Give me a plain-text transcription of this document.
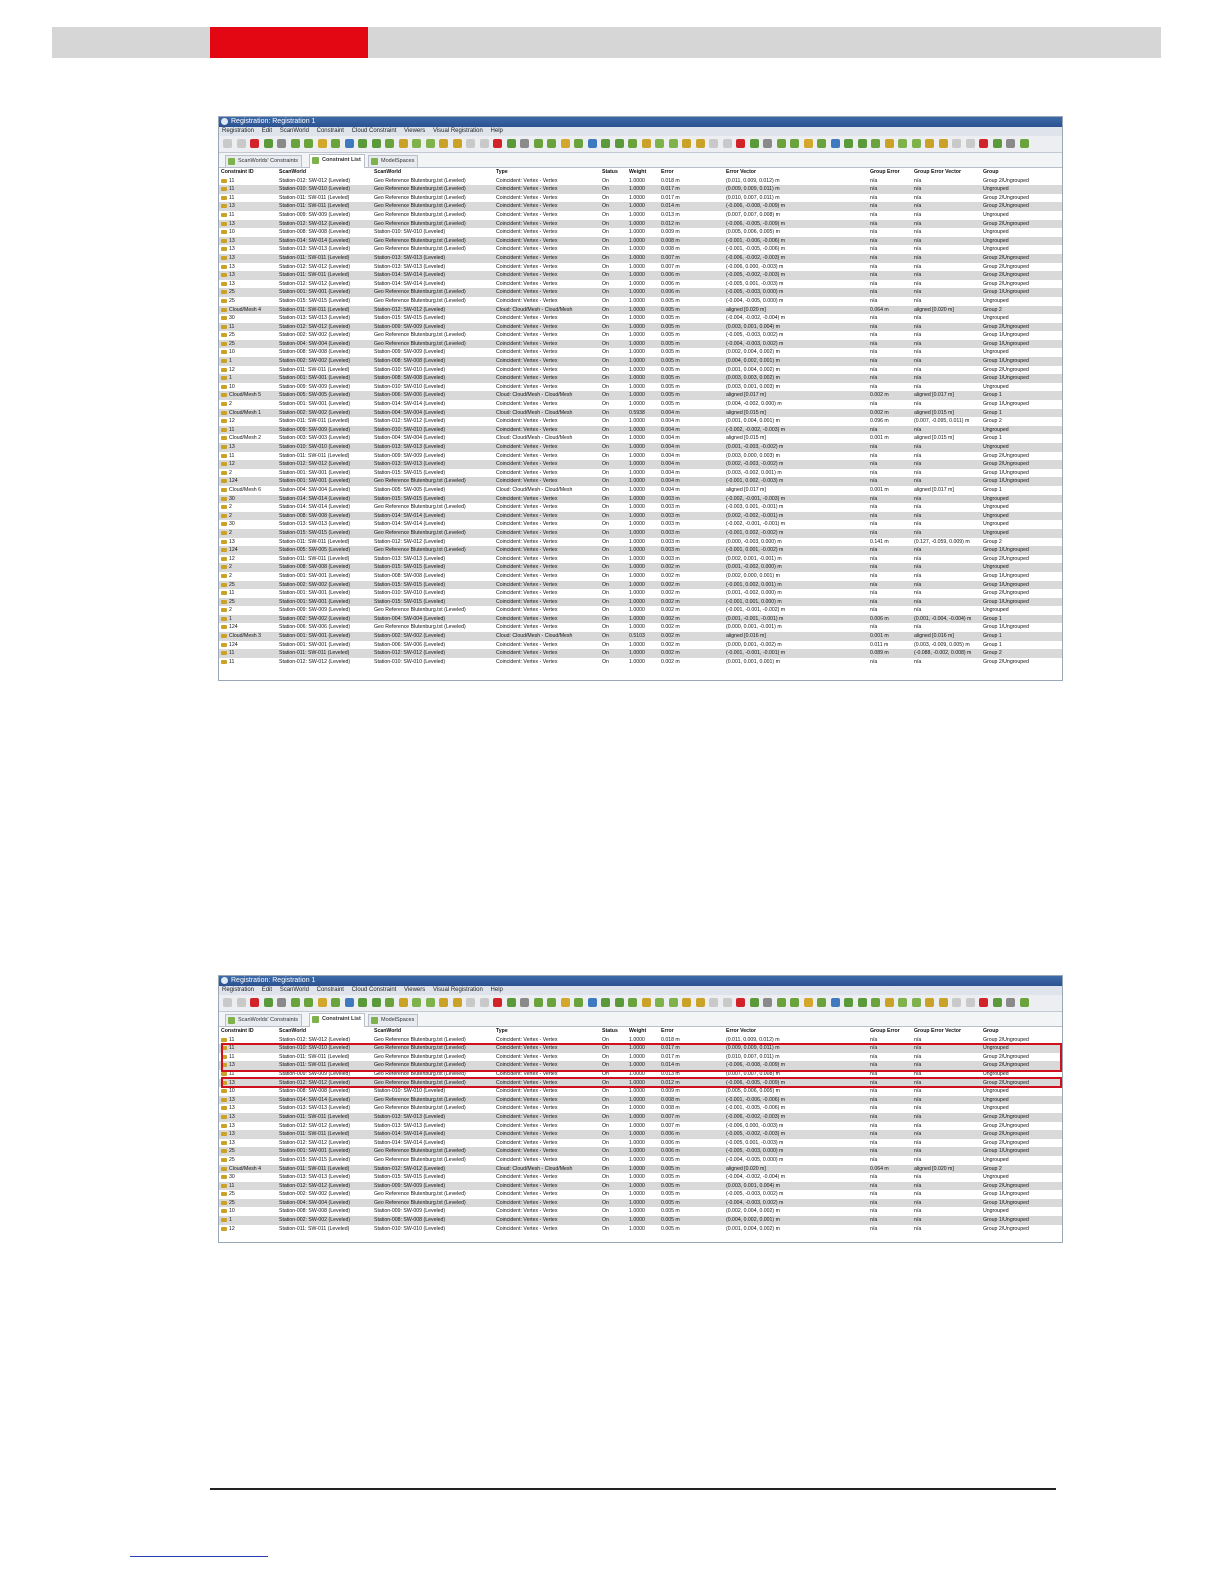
Registration: Registration 1
Registration Edit ScanWorld Constraint Cloud Constraint Viewers Visual Registration Help
ScanWorlds' Constraints	Constraint List	ModelSpaces
Constraint ID	ScanWorld	ScanWorld	Type	Status	Weight	Error	Error Vector	Group Error	Group Error Vector	Group

11	Station-012: SW-012 (Leveled)	Geo Reference Blutenburg.txt (Leveled)	Coincident: Vertex - Vertex	On	1.0000	0.018 m	(0.011, 0.009, 0.012) m	n/a	n/a	Group 2/Ungrouped

11	Station-010: SW-010 (Leveled)	Geo Reference Blutenburg.txt (Leveled)	Coincident: Vertex - Vertex	On	1.0000	0.017 m	(0.009, 0.009, 0.011) m	n/a	n/a	Ungrouped

11	Station-011: SW-011 (Leveled)	Geo Reference Blutenburg.txt (Leveled)	Coincident: Vertex - Vertex	On	1.0000	0.017 m	(0.010, 0.007, 0.011) m	n/a	n/a	Group 2/Ungrouped

13	Station-011: SW-011 (Leveled)	Geo Reference Blutenburg.txt (Leveled)	Coincident: Vertex - Vertex	On	1.0000	0.014 m	(-0.006, -0.008, -0.009) m	n/a	n/a	Group 2/Ungrouped

11	Station-009: SW-009 (Leveled)	Geo Reference Blutenburg.txt (Leveled)	Coincident: Vertex - Vertex	On	1.0000	0.013 m	(0.007, 0.007, 0.008) m	n/a	n/a	Ungrouped

13	Station-012: SW-012 (Leveled)	Geo Reference Blutenburg.txt (Leveled)	Coincident: Vertex - Vertex	On	1.0000	0.012 m	(-0.006, -0.005, -0.009) m	n/a	n/a	Group 2/Ungrouped

10	Station-008: SW-008 (Leveled)	Station-010: SW-010 (Leveled)	Coincident: Vertex - Vertex	On	1.0000	0.009 m	(0.005, 0.006, 0.005) m	n/a	n/a	Ungrouped

13	Station-014: SW-014 (Leveled)	Geo Reference Blutenburg.txt (Leveled)	Coincident: Vertex - Vertex	On	1.0000	0.008 m	(-0.001, -0.006, -0.006) m	n/a	n/a	Ungrouped

13	Station-013: SW-013 (Leveled)	Geo Reference Blutenburg.txt (Leveled)	Coincident: Vertex - Vertex	On	1.0000	0.008 m	(-0.001, -0.005, -0.006) m	n/a	n/a	Ungrouped

13	Station-011: SW-011 (Leveled)	Station-013: SW-013 (Leveled)	Coincident: Vertex - Vertex	On	1.0000	0.007 m	(-0.006, -0.002, -0.003) m	n/a	n/a	Group 2/Ungrouped

13	Station-012: SW-012 (Leveled)	Station-013: SW-013 (Leveled)	Coincident: Vertex - Vertex	On	1.0000	0.007 m	(-0.006, 0.000, -0.003) m	n/a	n/a	Group 2/Ungrouped

13	Station-011: SW-011 (Leveled)	Station-014: SW-014 (Leveled)	Coincident: Vertex - Vertex	On	1.0000	0.006 m	(-0.005, -0.002, -0.003) m	n/a	n/a	Group 2/Ungrouped

13	Station-012: SW-012 (Leveled)	Station-014: SW-014 (Leveled)	Coincident: Vertex - Vertex	On	1.0000	0.006 m	(-0.005, 0.001, -0.003) m	n/a	n/a	Group 2/Ungrouped

25	Station-001: SW-001 (Leveled)	Geo Reference Blutenburg.txt (Leveled)	Coincident: Vertex - Vertex	On	1.0000	0.006 m	(-0.005, -0.003, 0.000) m	n/a	n/a	Group 1/Ungrouped

25	Station-015: SW-015 (Leveled)	Geo Reference Blutenburg.txt (Leveled)	Coincident: Vertex - Vertex	On	1.0000	0.005 m	(-0.004, -0.005, 0.000) m	n/a	n/a	Ungrouped

Cloud/Mesh 4	Station-011: SW-011 (Leveled)	Station-012: SW-012 (Leveled)	Cloud: Cloud/Mesh - Cloud/Mesh	On	1.0000	0.005 m	aligned [0.020 m]	0.064 m	aligned [0.020 m]	Group 2

30	Station-013: SW-013 (Leveled)	Station-015: SW-015 (Leveled)	Coincident: Vertex - Vertex	On	1.0000	0.005 m	(-0.004, -0.002, -0.004) m	n/a	n/a	Ungrouped

11	Station-012: SW-012 (Leveled)	Station-009: SW-009 (Leveled)	Coincident: Vertex - Vertex	On	1.0000	0.005 m	(0.003, 0.001, 0.004) m	n/a	n/a	Group 2/Ungrouped

25	Station-002: SW-002 (Leveled)	Geo Reference Blutenburg.txt (Leveled)	Coincident: Vertex - Vertex	On	1.0000	0.005 m	(-0.005, -0.003, 0.002) m	n/a	n/a	Group 1/Ungrouped

25	Station-004: SW-004 (Leveled)	Geo Reference Blutenburg.txt (Leveled)	Coincident: Vertex - Vertex	On	1.0000	0.005 m	(-0.004, -0.003, 0.002) m	n/a	n/a	Group 1/Ungrouped

10	Station-008: SW-008 (Leveled)	Station-009: SW-009 (Leveled)	Coincident: Vertex - Vertex	On	1.0000	0.005 m	(0.002, 0.004, 0.002) m	n/a	n/a	Ungrouped

1	Station-002: SW-002 (Leveled)	Station-008: SW-008 (Leveled)	Coincident: Vertex - Vertex	On	1.0000	0.005 m	(0.004, 0.002, 0.001) m	n/a	n/a	Group 1/Ungrouped

12	Station-011: SW-011 (Leveled)	Station-010: SW-010 (Leveled)	Coincident: Vertex - Vertex	On	1.0000	0.005 m	(0.001, 0.004, 0.002) m	n/a	n/a	Group 2/Ungrouped

1	Station-001: SW-001 (Leveled)	Station-008: SW-008 (Leveled)	Coincident: Vertex - Vertex	On	1.0000	0.005 m	(0.003, 0.003, 0.002) m	n/a	n/a	Group 1/Ungrouped

10	Station-009: SW-009 (Leveled)	Station-010: SW-010 (Leveled)	Coincident: Vertex - Vertex	On	1.0000	0.005 m	(0.003, 0.001, 0.003) m	n/a	n/a	Ungrouped

Cloud/Mesh 5	Station-005: SW-005 (Leveled)	Station-006: SW-006 (Leveled)	Cloud: Cloud/Mesh - Cloud/Mesh	On	1.0000	0.005 m	aligned [0.017 m]	0.002 m	aligned [0.017 m]	Group 1

2	Station-001: SW-001 (Leveled)	Station-014: SW-014 (Leveled)	Coincident: Vertex - Vertex	On	1.0000	0.005 m	(0.004, -0.002, 0.000) m	n/a	n/a	Group 1/Ungrouped

Cloud/Mesh 1	Station-002: SW-002 (Leveled)	Station-004: SW-004 (Leveled)	Cloud: Cloud/Mesh - Cloud/Mesh	On	0.5938	0.004 m	aligned [0.015 m]	0.002 m	aligned [0.015 m]	Group 1

12	Station-011: SW-011 (Leveled)	Station-012: SW-012 (Leveled)	Coincident: Vertex - Vertex	On	1.0000	0.004 m	(0.001, 0.004, 0.001) m	0.096 m	(0.007, -0.095, 0.011) m	Group 2

11	Station-009: SW-009 (Leveled)	Station-010: SW-010 (Leveled)	Coincident: Vertex - Vertex	On	1.0000	0.004 m	(-0.002, -0.002, -0.003) m	n/a	n/a	Ungrouped

Cloud/Mesh 2	Station-003: SW-003 (Leveled)	Station-004: SW-004 (Leveled)	Cloud: Cloud/Mesh - Cloud/Mesh	On	1.0000	0.004 m	aligned [0.015 m]	0.001 m	aligned [0.015 m]	Group 1

13	Station-010: SW-010 (Leveled)	Station-013: SW-013 (Leveled)	Coincident: Vertex - Vertex	On	1.0000	0.004 m	(0.001, -0.003, -0.002) m	n/a	n/a	Ungrouped

11	Station-011: SW-011 (Leveled)	Station-009: SW-009 (Leveled)	Coincident: Vertex - Vertex	On	1.0000	0.004 m	(0.003, 0.000, 0.003) m	n/a	n/a	Group 2/Ungrouped

12	Station-012: SW-012 (Leveled)	Station-013: SW-013 (Leveled)	Coincident: Vertex - Vertex	On	1.0000	0.004 m	(0.002, -0.003, -0.002) m	n/a	n/a	Group 2/Ungrouped

2	Station-001: SW-001 (Leveled)	Station-015: SW-015 (Leveled)	Coincident: Vertex - Vertex	On	1.0000	0.004 m	(0.003, -0.002, 0.001) m	n/a	n/a	Group 1/Ungrouped

124	Station-001: SW-001 (Leveled)	Geo Reference Blutenburg.txt (Leveled)	Coincident: Vertex - Vertex	On	1.0000	0.004 m	(-0.001, 0.002, -0.003) m	n/a	n/a	Group 1/Ungrouped

Cloud/Mesh 6	Station-004: SW-004 (Leveled)	Station-005: SW-005 (Leveled)	Cloud: Cloud/Mesh - Cloud/Mesh	On	1.0000	0.004 m	aligned [0.017 m]	0.001 m	aligned [0.017 m]	Group 1

30	Station-014: SW-014 (Leveled)	Station-015: SW-015 (Leveled)	Coincident: Vertex - Vertex	On	1.0000	0.003 m	(-0.002, -0.001, -0.003) m	n/a	n/a	Ungrouped

2	Station-014: SW-014 (Leveled)	Geo Reference Blutenburg.txt (Leveled)	Coincident: Vertex - Vertex	On	1.0000	0.003 m	(-0.003, 0.001, -0.001) m	n/a	n/a	Ungrouped

2	Station-008: SW-008 (Leveled)	Station-014: SW-014 (Leveled)	Coincident: Vertex - Vertex	On	1.0000	0.003 m	(0.002, -0.002, -0.001) m	n/a	n/a	Ungrouped

30	Station-013: SW-013 (Leveled)	Station-014: SW-014 (Leveled)	Coincident: Vertex - Vertex	On	1.0000	0.003 m	(-0.002, -0.001, -0.001) m	n/a	n/a	Ungrouped

2	Station-015: SW-015 (Leveled)	Geo Reference Blutenburg.txt (Leveled)	Coincident: Vertex - Vertex	On	1.0000	0.003 m	(-0.001, 0.002, -0.002) m	n/a	n/a	Ungrouped

13	Station-011: SW-011 (Leveled)	Station-012: SW-012 (Leveled)	Coincident: Vertex - Vertex	On	1.0000	0.003 m	(0.000, -0.003, 0.000) m	0.141 m	(0.127, -0.059, 0.009) m	Group 2

124	Station-005: SW-005 (Leveled)	Geo Reference Blutenburg.txt (Leveled)	Coincident: Vertex - Vertex	On	1.0000	0.003 m	(-0.001, 0.001, -0.002) m	n/a	n/a	Group 1/Ungrouped

12	Station-011: SW-011 (Leveled)	Station-013: SW-013 (Leveled)	Coincident: Vertex - Vertex	On	1.0000	0.003 m	(0.002, 0.001, -0.001) m	n/a	n/a	Group 2/Ungrouped

2	Station-008: SW-008 (Leveled)	Station-015: SW-015 (Leveled)	Coincident: Vertex - Vertex	On	1.0000	0.002 m	(0.001, -0.002, 0.000) m	n/a	n/a	Ungrouped

2	Station-001: SW-001 (Leveled)	Station-008: SW-008 (Leveled)	Coincident: Vertex - Vertex	On	1.0000	0.002 m	(0.002, 0.000, 0.001) m	n/a	n/a	Group 1/Ungrouped

25	Station-002: SW-002 (Leveled)	Station-015: SW-015 (Leveled)	Coincident: Vertex - Vertex	On	1.0000	0.002 m	(-0.001, 0.002, 0.001) m	n/a	n/a	Group 1/Ungrouped

11	Station-001: SW-001 (Leveled)	Station-010: SW-010 (Leveled)	Coincident: Vertex - Vertex	On	1.0000	0.002 m	(0.001, -0.002, 0.000) m	n/a	n/a	Group 2/Ungrouped

25	Station-001: SW-001 (Leveled)	Station-015: SW-015 (Leveled)	Coincident: Vertex - Vertex	On	1.0000	0.002 m	(-0.001, 0.001, 0.000) m	n/a	n/a	Group 1/Ungrouped

2	Station-009: SW-009 (Leveled)	Geo Reference Blutenburg.txt (Leveled)	Coincident: Vertex - Vertex	On	1.0000	0.002 m	(-0.001, -0.001, -0.002) m	n/a	n/a	Ungrouped

1	Station-002: SW-002 (Leveled)	Station-004: SW-004 (Leveled)	Coincident: Vertex - Vertex	On	1.0000	0.002 m	(0.001, -0.001, -0.001) m	0.006 m	(0.001, -0.004, -0.004) m	Group 1

124	Station-006: SW-006 (Leveled)	Geo Reference Blutenburg.txt (Leveled)	Coincident: Vertex - Vertex	On	1.0000	0.002 m	(0.000, 0.001, -0.001) m	n/a	n/a	Group 1/Ungrouped

Cloud/Mesh 3	Station-001: SW-001 (Leveled)	Station-002: SW-002 (Leveled)	Cloud: Cloud/Mesh - Cloud/Mesh	On	0.5103	0.002 m	aligned [0.016 m]	0.001 m	aligned [0.016 m]	Group 1

124	Station-001: SW-001 (Leveled)	Station-006: SW-006 (Leveled)	Coincident: Vertex - Vertex	On	1.0000	0.002 m	(0.000, 0.001, -0.002) m	0.011 m	(0.003, -0.009, 0.005) m	Group 1

11	Station-011: SW-011 (Leveled)	Station-012: SW-012 (Leveled)	Coincident: Vertex - Vertex	On	1.0000	0.002 m	(-0.001, -0.001, -0.001) m	0.089 m	(-0.088, -0.002, 0.008) m	Group 2

11	Station-012: SW-012 (Leveled)	Station-010: SW-010 (Leveled)	Coincident: Vertex - Vertex	On	1.0000	0.002 m	(0.001, 0.001, 0.001) m	n/a	n/a	Group 2/Ungrouped
Registration: Registration 1
Registration Edit ScanWorld Constraint Cloud Constraint Viewers Visual Registration Help
ScanWorlds' Constraints	Constraint List	ModelSpaces
Constraint ID	ScanWorld	ScanWorld	Type	Status	Weight	Error	Error Vector	Group Error	Group Error Vector	Group

11	Station-012: SW-012 (Leveled)	Geo Reference Blutenburg.txt (Leveled)	Coincident: Vertex - Vertex	On	1.0000	0.018 m	(0.011, 0.009, 0.012) m	n/a	n/a	Group 2/Ungrouped

11	Station-010: SW-010 (Leveled)	Geo Reference Blutenburg.txt (Leveled)	Coincident: Vertex - Vertex	On	1.0000	0.017 m	(0.009, 0.009, 0.011) m	n/a	n/a	Ungrouped

11	Station-011: SW-011 (Leveled)	Geo Reference Blutenburg.txt (Leveled)	Coincident: Vertex - Vertex	On	1.0000	0.017 m	(0.010, 0.007, 0.011) m	n/a	n/a	Group 2/Ungrouped

13	Station-011: SW-011 (Leveled)	Geo Reference Blutenburg.txt (Leveled)	Coincident: Vertex - Vertex	On	1.0000	0.014 m	(-0.006, -0.008, -0.009) m	n/a	n/a	Group 2/Ungrouped

11	Station-009: SW-009 (Leveled)	Geo Reference Blutenburg.txt (Leveled)	Coincident: Vertex - Vertex	On	1.0000	0.013 m	(0.007, 0.007, 0.008) m	n/a	n/a	Ungrouped

13	Station-012: SW-012 (Leveled)	Geo Reference Blutenburg.txt (Leveled)	Coincident: Vertex - Vertex	On	1.0000	0.012 m	(-0.006, -0.005, -0.009) m	n/a	n/a	Group 2/Ungrouped

10	Station-008: SW-008 (Leveled)	Station-010: SW-010 (Leveled)	Coincident: Vertex - Vertex	On	1.0000	0.009 m	(0.005, 0.006, 0.005) m	n/a	n/a	Ungrouped

13	Station-014: SW-014 (Leveled)	Geo Reference Blutenburg.txt (Leveled)	Coincident: Vertex - Vertex	On	1.0000	0.008 m	(-0.001, -0.006, -0.006) m	n/a	n/a	Ungrouped

13	Station-013: SW-013 (Leveled)	Geo Reference Blutenburg.txt (Leveled)	Coincident: Vertex - Vertex	On	1.0000	0.008 m	(-0.001, -0.005, -0.006) m	n/a	n/a	Ungrouped

13	Station-011: SW-011 (Leveled)	Station-013: SW-013 (Leveled)	Coincident: Vertex - Vertex	On	1.0000	0.007 m	(-0.006, -0.002, -0.003) m	n/a	n/a	Group 2/Ungrouped

13	Station-012: SW-012 (Leveled)	Station-013: SW-013 (Leveled)	Coincident: Vertex - Vertex	On	1.0000	0.007 m	(-0.006, 0.000, -0.003) m	n/a	n/a	Group 2/Ungrouped

13	Station-011: SW-011 (Leveled)	Station-014: SW-014 (Leveled)	Coincident: Vertex - Vertex	On	1.0000	0.006 m	(-0.005, -0.002, -0.003) m	n/a	n/a	Group 2/Ungrouped

13	Station-012: SW-012 (Leveled)	Station-014: SW-014 (Leveled)	Coincident: Vertex - Vertex	On	1.0000	0.006 m	(-0.005, 0.001, -0.003) m	n/a	n/a	Group 2/Ungrouped

25	Station-001: SW-001 (Leveled)	Geo Reference Blutenburg.txt (Leveled)	Coincident: Vertex - Vertex	On	1.0000	0.006 m	(-0.005, -0.003, 0.000) m	n/a	n/a	Group 1/Ungrouped

25	Station-015: SW-015 (Leveled)	Geo Reference Blutenburg.txt (Leveled)	Coincident: Vertex - Vertex	On	1.0000	0.005 m	(-0.004, -0.005, 0.000) m	n/a	n/a	Ungrouped

Cloud/Mesh 4	Station-011: SW-011 (Leveled)	Station-012: SW-012 (Leveled)	Cloud: Cloud/Mesh - Cloud/Mesh	On	1.0000	0.005 m	aligned [0.020 m]	0.064 m	aligned [0.020 m]	Group 2

30	Station-013: SW-013 (Leveled)	Station-015: SW-015 (Leveled)	Coincident: Vertex - Vertex	On	1.0000	0.005 m	(-0.004, -0.002, -0.004) m	n/a	n/a	Ungrouped

11	Station-012: SW-012 (Leveled)	Station-009: SW-009 (Leveled)	Coincident: Vertex - Vertex	On	1.0000	0.005 m	(0.003, 0.001, 0.004) m	n/a	n/a	Group 2/Ungrouped

25	Station-002: SW-002 (Leveled)	Geo Reference Blutenburg.txt (Leveled)	Coincident: Vertex - Vertex	On	1.0000	0.005 m	(-0.005, -0.003, 0.002) m	n/a	n/a	Group 1/Ungrouped

25	Station-004: SW-004 (Leveled)	Geo Reference Blutenburg.txt (Leveled)	Coincident: Vertex - Vertex	On	1.0000	0.005 m	(-0.004, -0.003, 0.002) m	n/a	n/a	Group 1/Ungrouped

10	Station-008: SW-008 (Leveled)	Station-009: SW-009 (Leveled)	Coincident: Vertex - Vertex	On	1.0000	0.005 m	(0.002, 0.004, 0.002) m	n/a	n/a	Ungrouped

1	Station-002: SW-002 (Leveled)	Station-008: SW-008 (Leveled)	Coincident: Vertex - Vertex	On	1.0000	0.005 m	(0.004, 0.002, 0.001) m	n/a	n/a	Group 1/Ungrouped

12	Station-011: SW-011 (Leveled)	Station-010: SW-010 (Leveled)	Coincident: Vertex - Vertex	On	1.0000	0.005 m	(0.001, 0.004, 0.002) m	n/a	n/a	Group 2/Ungrouped
